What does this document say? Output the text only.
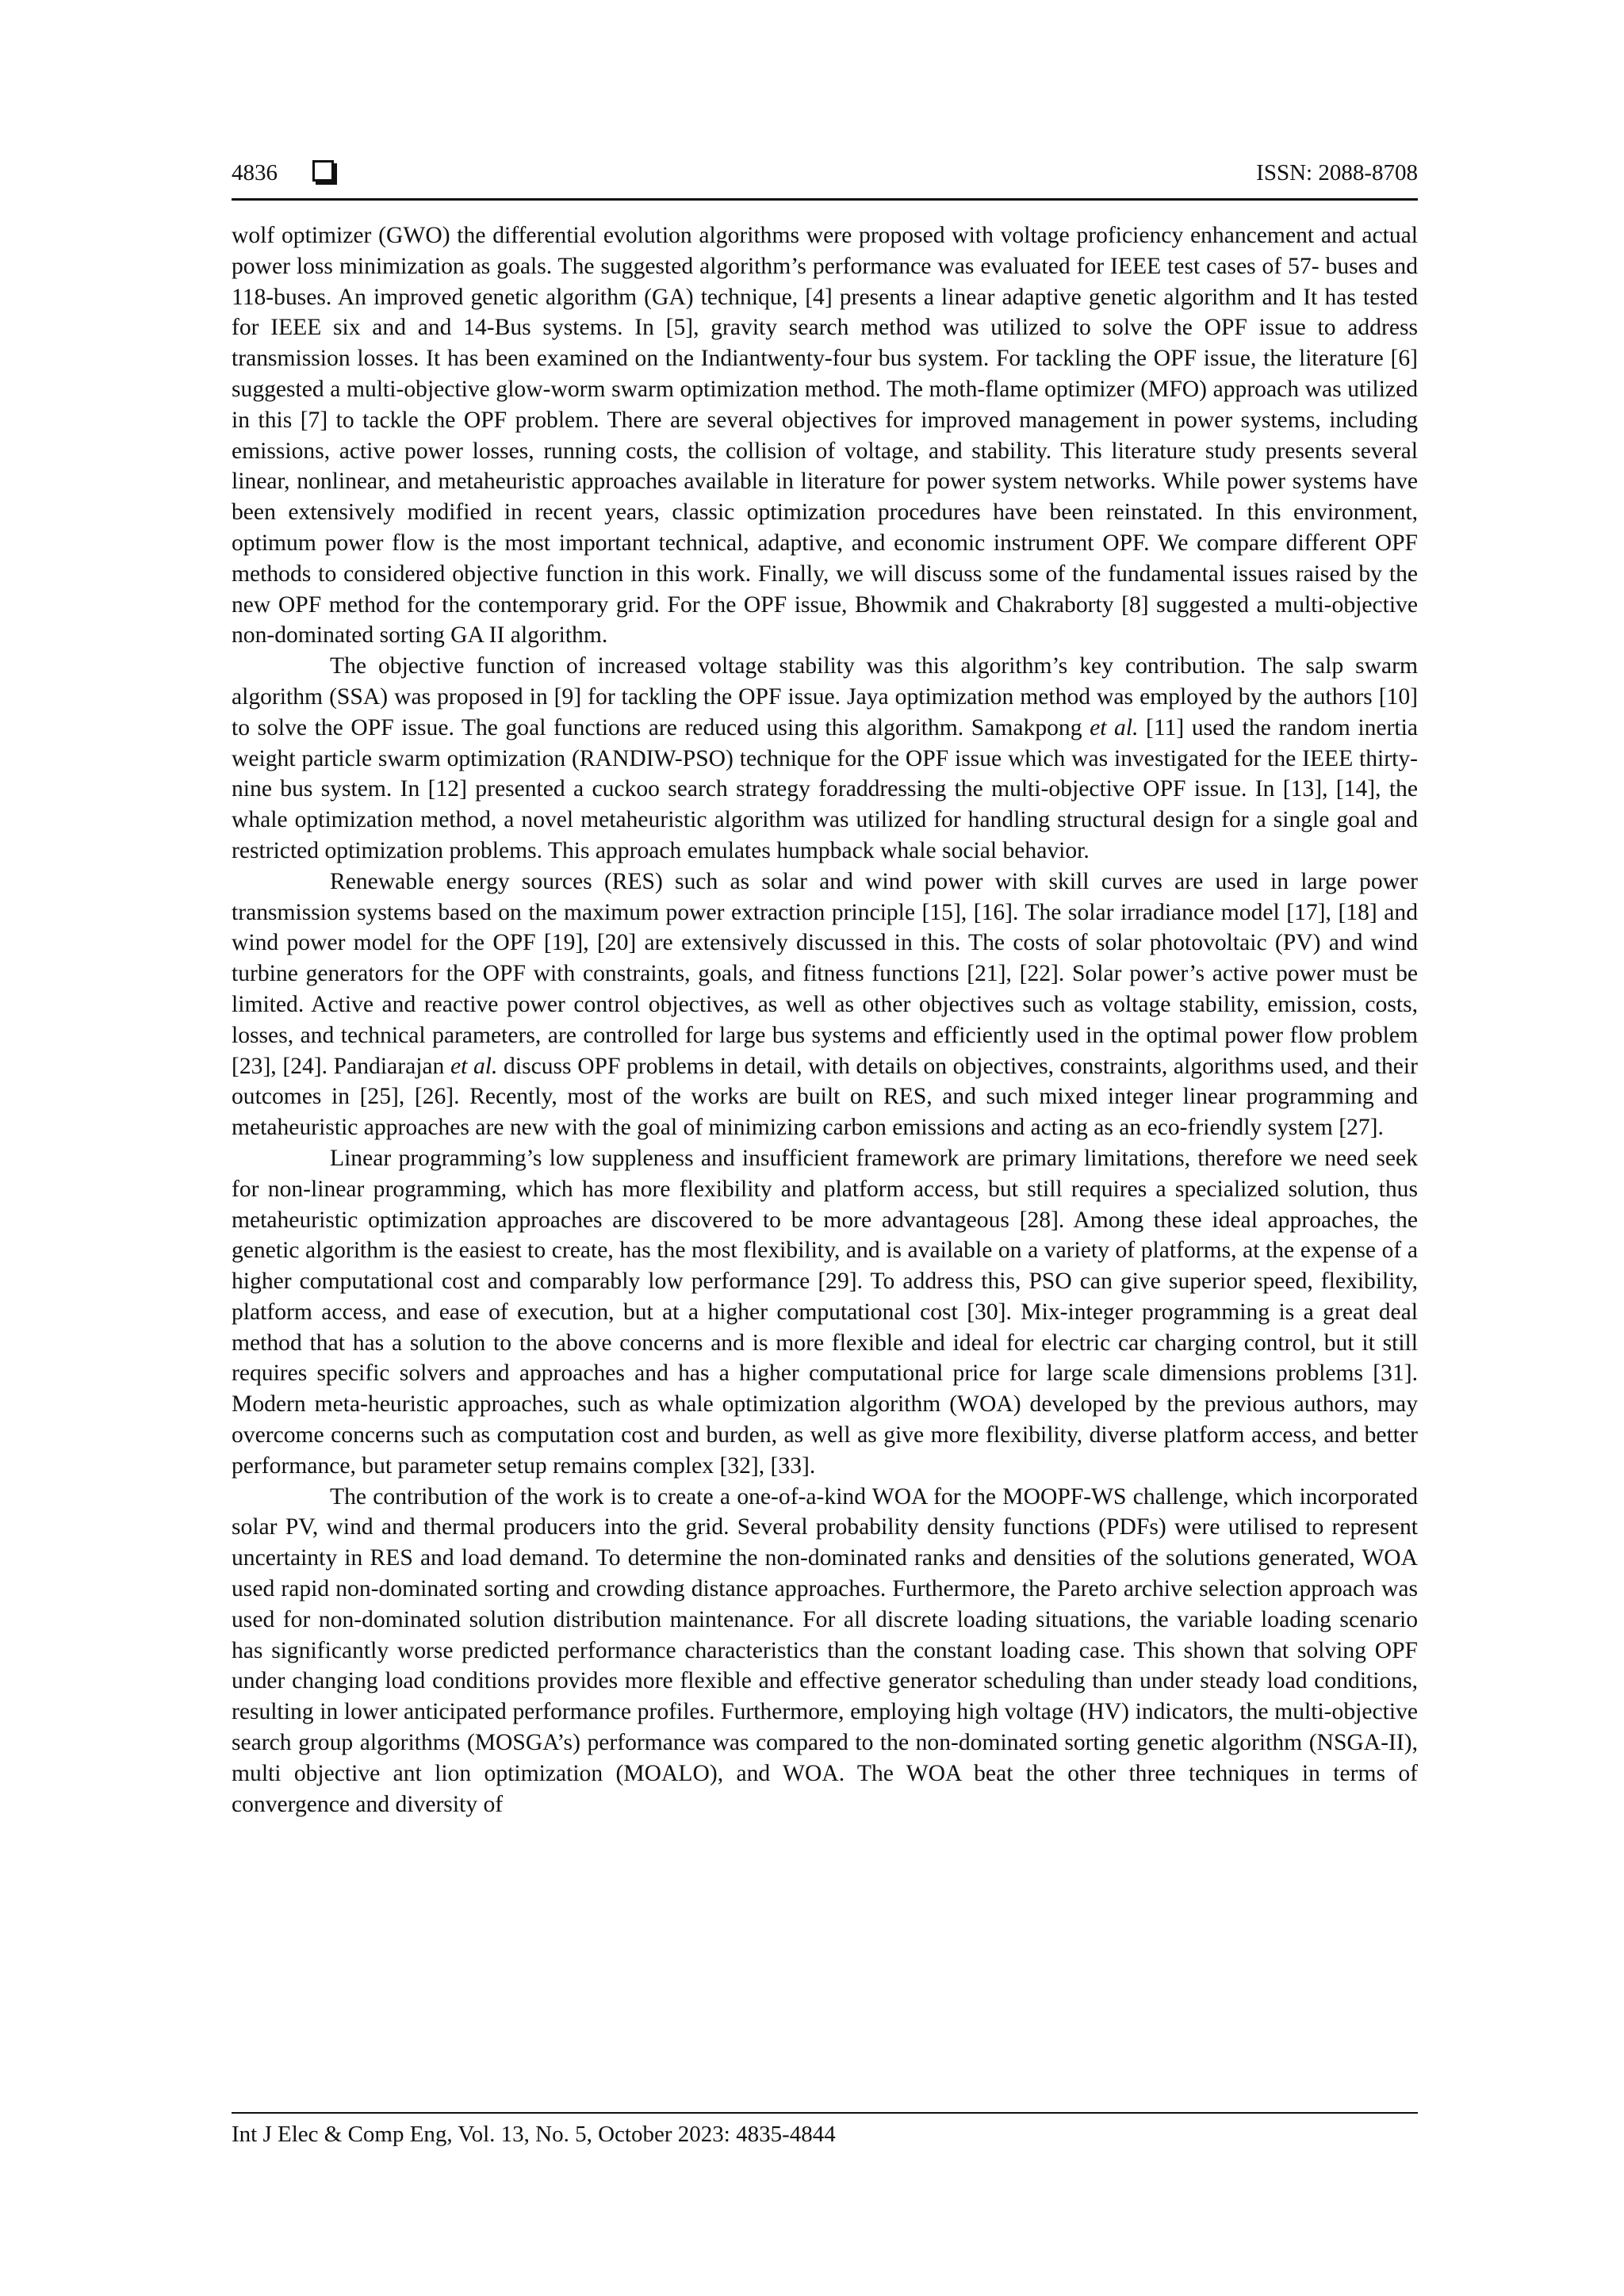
4836	ISSN: 2088-8708

wolf optimizer (GWO) the differential evolution algorithms were proposed with voltage proficiency enhancement and actual power loss minimization as goals. The suggested algorithm’s performance was evaluated for IEEE test cases of 57- buses and 118-buses. An improved genetic algorithm (GA) technique, [4] presents a linear adaptive genetic algorithm and It has tested for IEEE six and and 14-Bus systems. In [5], gravity search method was utilized to solve the OPF issue to address transmission losses. It has been examined on the Indiantwenty-four bus system. For tackling the OPF issue, the literature [6] suggested a multi-objective glow-worm swarm optimization method. The moth-flame optimizer (MFO) approach was utilized in this [7] to tackle the OPF problem. There are several objectives for improved management in power systems, including emissions, active power losses, running costs, the collision of voltage, and stability. This literature study presents several linear, nonlinear, and metaheuristic approaches available in literature for power system networks. While power systems have been extensively modified in recent years, classic optimization procedures have been reinstated. In this environment, optimum power flow is the most important technical, adaptive, and economic instrument OPF. We compare different OPF methods to considered objective function in this work. Finally, we will discuss some of the fundamental issues raised by the new OPF method for the contemporary grid. For the OPF issue, Bhowmik and Chakraborty [8] suggested a multi-objective non-dominated sorting GA II algorithm.

The objective function of increased voltage stability was this algorithm’s key contribution. The salp swarm algorithm (SSA) was proposed in [9] for tackling the OPF issue. Jaya optimization method was employed by the authors [10] to solve the OPF issue. The goal functions are reduced using this algorithm. Samakpong et al. [11] used the random inertia weight particle swarm optimization (RANDIW-PSO) technique for the OPF issue which was investigated for the IEEE thirty-nine bus system. In [12] presented a cuckoo search strategy foraddressing the multi-objective OPF issue. In [13], [14], the whale optimization method, a novel metaheuristic algorithm was utilized for handling structural design for a single goal and restricted optimization problems. This approach emulates humpback whale social behavior.

Renewable energy sources (RES) such as solar and wind power with skill curves are used in large power transmission systems based on the maximum power extraction principle [15], [16]. The solar irradiance model [17], [18] and wind power model for the OPF [19], [20] are extensively discussed in this. The costs of solar photovoltaic (PV) and wind turbine generators for the OPF with constraints, goals, and fitness functions [21], [22]. Solar power’s active power must be limited. Active and reactive power control objectives, as well as other objectives such as voltage stability, emission, costs, losses, and technical parameters, are controlled for large bus systems and efficiently used in the optimal power flow problem [23], [24]. Pandiarajan et al. discuss OPF problems in detail, with details on objectives, constraints, algorithms used, and their outcomes in [25], [26]. Recently, most of the works are built on RES, and such mixed integer linear programming and metaheuristic approaches are new with the goal of minimizing carbon emissions and acting as an eco-friendly system [27].

Linear programming’s low suppleness and insufficient framework are primary limitations, therefore we need seek for non-linear programming, which has more flexibility and platform access, but still requires a specialized solution, thus metaheuristic optimization approaches are discovered to be more advantageous [28]. Among these ideal approaches, the genetic algorithm is the easiest to create, has the most flexibility, and is available on a variety of platforms, at the expense of a higher computational cost and comparably low performance [29]. To address this, PSO can give superior speed, flexibility, platform access, and ease of execution, but at a higher computational cost [30]. Mix-integer programming is a great deal method that has a solution to the above concerns and is more flexible and ideal for electric car charging control, but it still requires specific solvers and approaches and has a higher computational price for large scale dimensions problems [31]. Modern meta-heuristic approaches, such as whale optimization algorithm (WOA) developed by the previous authors, may overcome concerns such as computation cost and burden, as well as give more flexibility, diverse platform access, and better performance, but parameter setup remains complex [32], [33].

The contribution of the work is to create a one-of-a-kind WOA for the MOOPF-WS challenge, which incorporated solar PV, wind and thermal producers into the grid. Several probability density functions (PDFs) were utilised to represent uncertainty in RES and load demand. To determine the non-dominated ranks and densities of the solutions generated, WOA used rapid non-dominated sorting and crowding distance approaches. Furthermore, the Pareto archive selection approach was used for non-dominated solution distribution maintenance. For all discrete loading situations, the variable loading scenario has significantly worse predicted performance characteristics than the constant loading case. This shown that solving OPF under changing load conditions provides more flexible and effective generator scheduling than under steady load conditions, resulting in lower anticipated performance profiles. Furthermore, employing high voltage (HV) indicators, the multi-objective search group algorithms (MOSGA’s) performance was compared to the non-dominated sorting genetic algorithm (NSGA-II), multi objective ant lion optimization (MOALO), and WOA. The WOA beat the other three techniques in terms of convergence and diversity of

Int J Elec & Comp Eng, Vol. 13, No. 5, October 2023: 4835-4844
